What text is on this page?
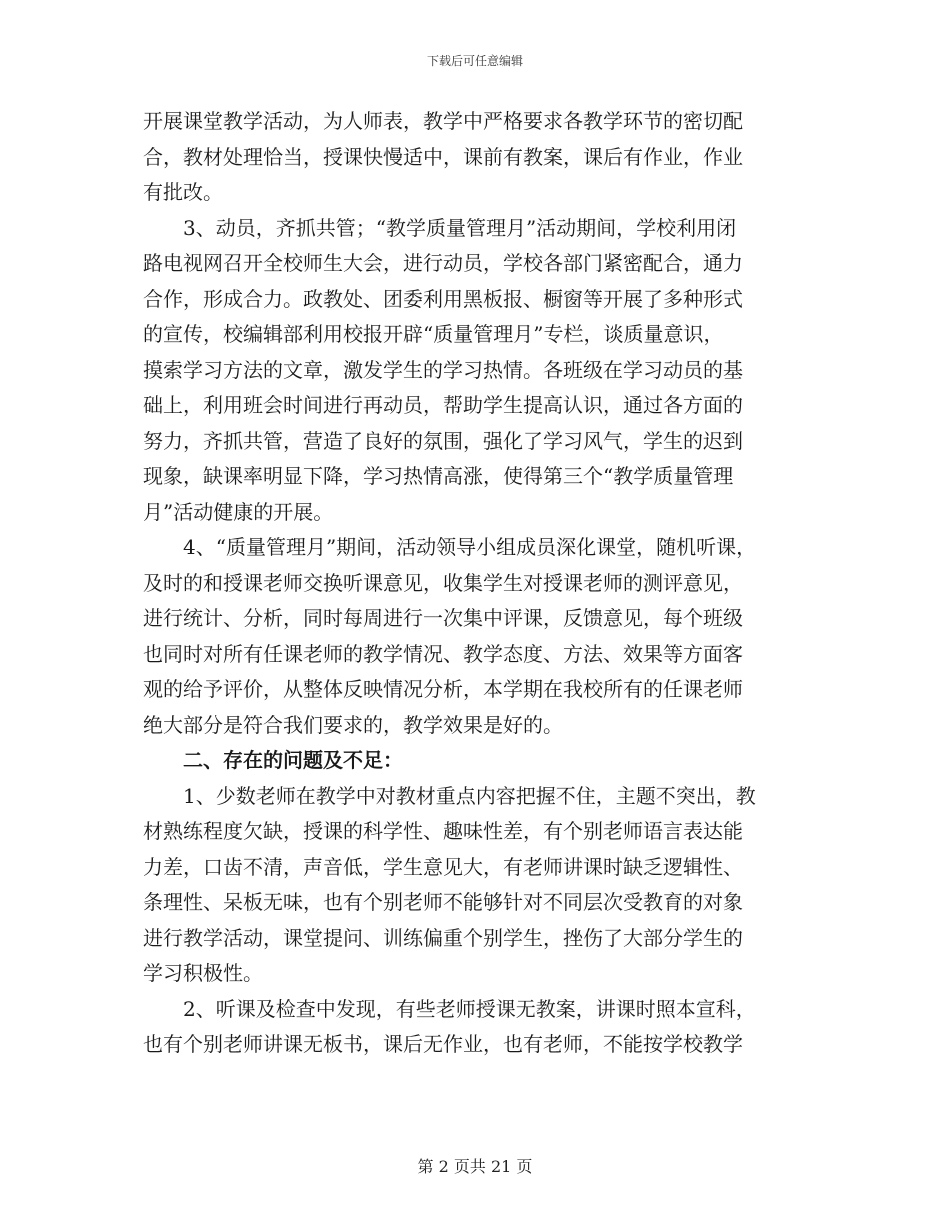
下载后可任意编辑
开展课堂教学活动，为人师表，教学中严格要求各教学环节的密切配
合，教材处理恰当，授课快慢适中，课前有教案，课后有作业，作业
有批改。
3、动员，齐抓共管；“教学质量管理月”活动期间，学校利用闭
路电视网召开全校师生大会，进行动员，学校各部门紧密配合，通力
合作，形成合力。政教处、团委利用黑板报、橱窗等开展了多种形式
的宣传，校编辑部利用校报开辟“质量管理月”专栏，谈质量意识，
摸索学习方法的文章，激发学生的学习热情。各班级在学习动员的基
础上，利用班会时间进行再动员，帮助学生提高认识，通过各方面的
努力，齐抓共管，营造了良好的氛围，强化了学习风气，学生的迟到
现象，缺课率明显下降，学习热情高涨，使得第三个“教学质量管理
月”活动健康的开展。
4、“质量管理月”期间，活动领导小组成员深化课堂，随机听课，
及时的和授课老师交换听课意见，收集学生对授课老师的测评意见，
进行统计、分析，同时每周进行一次集中评课，反馈意见，每个班级
也同时对所有任课老师的教学情况、教学态度、方法、效果等方面客
观的给予评价，从整体反映情况分析，本学期在我校所有的任课老师
绝大部分是符合我们要求的，教学效果是好的。
二、存在的问题及不足：
1、少数老师在教学中对教材重点内容把握不住，主题不突出，教
材熟练程度欠缺，授课的科学性、趣味性差，有个别老师语言表达能
力差，口齿不清，声音低，学生意见大，有老师讲课时缺乏逻辑性、
条理性、呆板无味，也有个别老师不能够针对不同层次受教育的对象
进行教学活动，课堂提问、训练偏重个别学生，挫伤了大部分学生的
学习积极性。
2、听课及检查中发现，有些老师授课无教案，讲课时照本宣科，
也有个别老师讲课无板书，课后无作业，也有老师，不能按学校教学
第 2 页共 21 页
